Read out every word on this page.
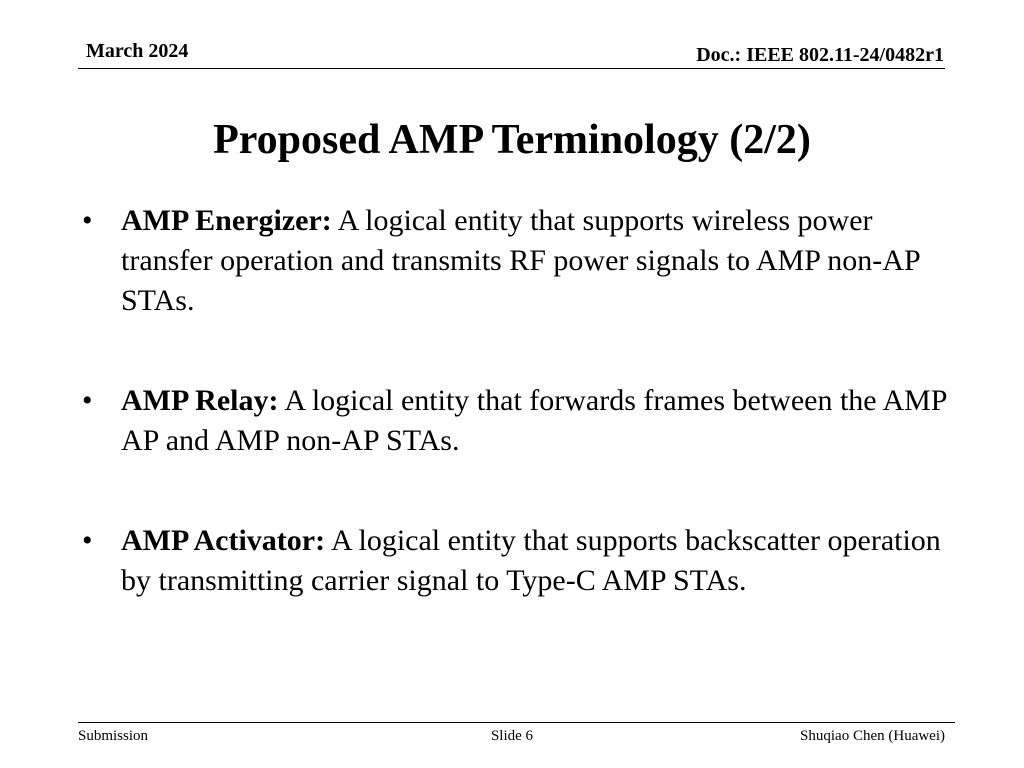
March 2024	Doc.: IEEE 802.11-24/0482r1
Proposed AMP Terminology (2/2)
• AMP Energizer: A logical entity that supports wireless power transfer operation and transmits RF power signals to AMP non-AP STAs.
• AMP Relay: A logical entity that forwards frames between the AMP AP and AMP non-AP STAs.
• AMP Activator: A logical entity that supports backscatter operation by transmitting carrier signal to Type-C AMP STAs.
Submission	Slide 6	Shuqiao Chen (Huawei)
